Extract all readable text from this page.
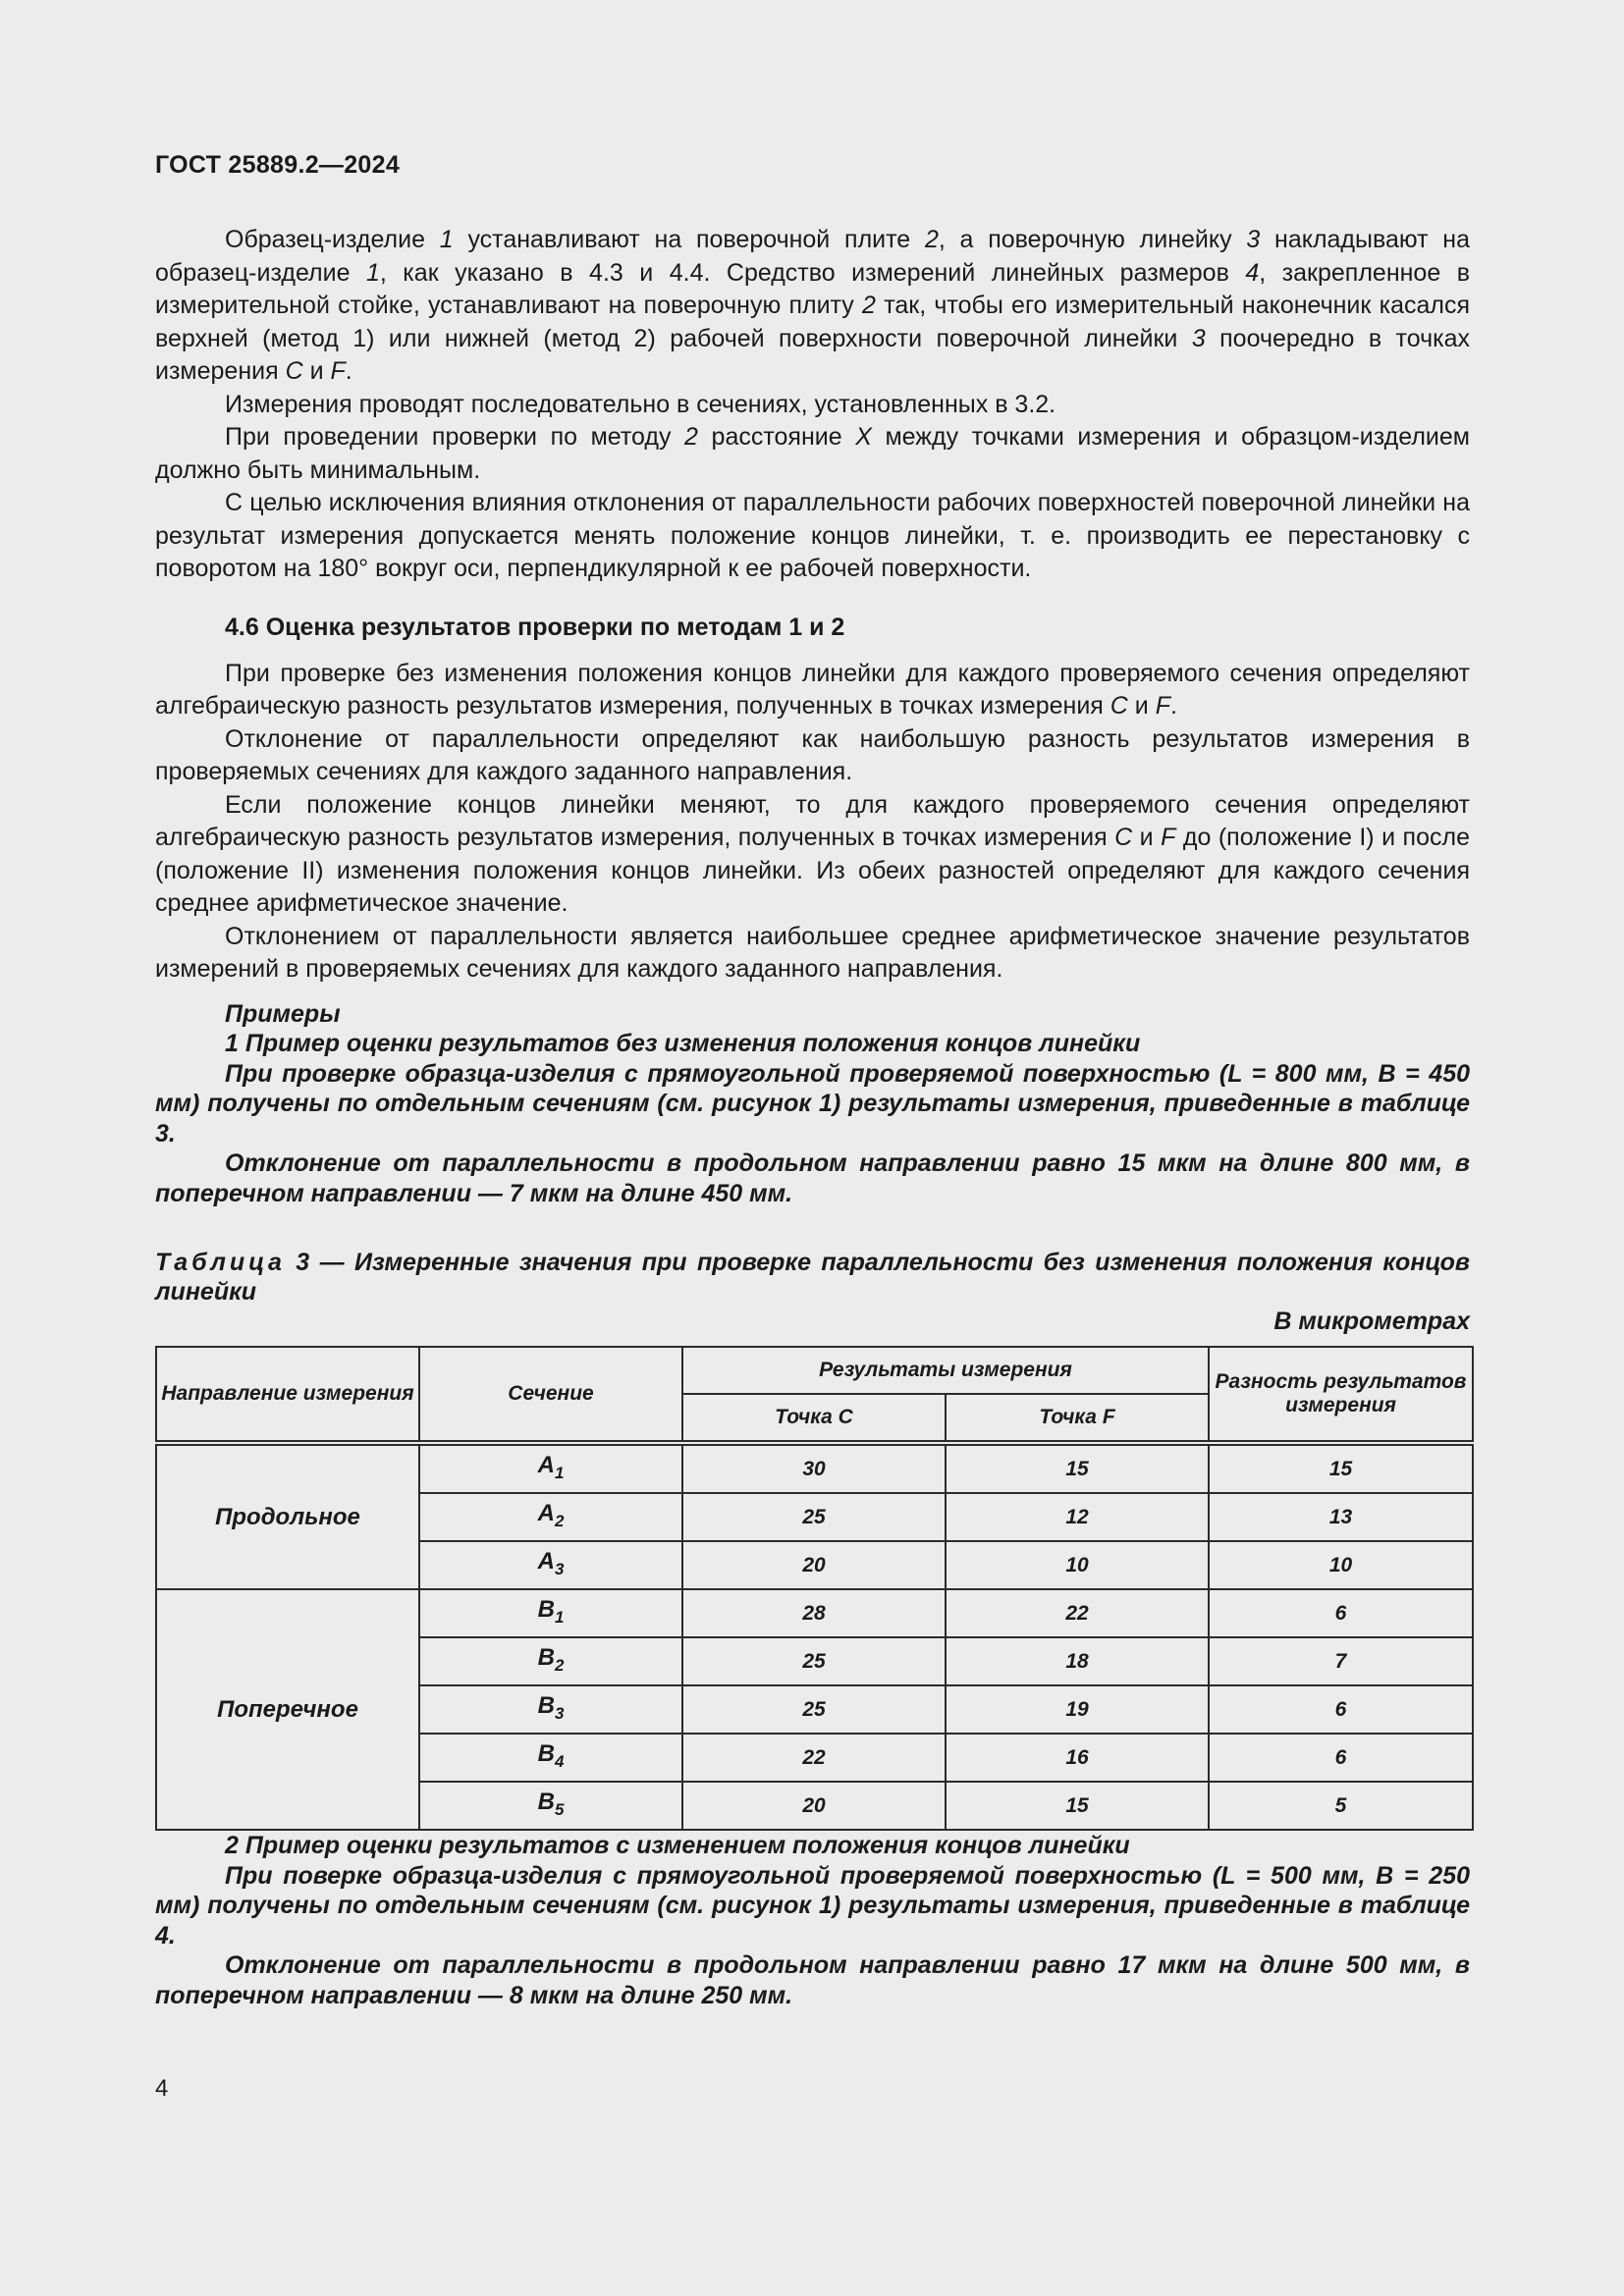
ГОСТ 25889.2—2024

Образец-изделие 1 устанавливают на поверочной плите 2, а поверочную линейку 3 накладывают на образец-изделие 1, как указано в 4.3 и 4.4. Средство измерений линейных размеров 4, закрепленное в измерительной стойке, устанавливают на поверочную плиту 2 так, чтобы его измерительный наконечник касался верхней (метод 1) или нижней (метод 2) рабочей поверхности поверочной линейки 3 поочередно в точках измерения C и F.

Измерения проводят последовательно в сечениях, установленных в 3.2.

При проведении проверки по методу 2 расстояние X между точками измерения и образцом-изделием должно быть минимальным.

С целью исключения влияния отклонения от параллельности рабочих поверхностей поверочной линейки на результат измерения допускается менять положение концов линейки, т. е. производить ее перестановку с поворотом на 180° вокруг оси, перпендикулярной к ее рабочей поверхности.

4.6 Оценка результатов проверки по методам 1 и 2

При проверке без изменения положения концов линейки для каждого проверяемого сечения определяют алгебраическую разность результатов измерения, полученных в точках измерения C и F.

Отклонение от параллельности определяют как наибольшую разность результатов измерения в проверяемых сечениях для каждого заданного направления.

Если положение концов линейки меняют, то для каждого проверяемого сечения определяют алгебраическую разность результатов измерения, полученных в точках измерения C и F до (положение I) и после (положение II) изменения положения концов линейки. Из обеих разностей определяют для каждого сечения среднее арифметическое значение.

Отклонением от параллельности является наибольшее среднее арифметическое значение результатов измерений в проверяемых сечениях для каждого заданного направления.

Примеры

1 Пример оценки результатов без изменения положения концов линейки

При проверке образца-изделия с прямоугольной проверяемой поверхностью (L = 800 мм, B = 450 мм) получены по отдельным сечениям (см. рисунок 1) результаты измерения, приведенные в таблице 3.

Отклонение от параллельности в продольном направлении равно 15 мкм на длине 800 мм, в поперечном направлении — 7 мкм на длине 450 мм.

Таблица 3 — Измеренные значения при проверке параллельности без изменения положения концов линейки
В микрометрах
Направление измерения	Сечение	Результаты измерения		Разность результатов измерения
		Точка C	Точка F	

Продольное	$A_1$	30	15	15
	$A_2$	25	12	13
	$A_3$	20	10	10
Поперечное	$B_1$	28	22	6
	$B_2$	25	18	7
	$B_3$	25	19	6
	$B_4$	22	16	6
	$B_5$	20	15	5

2 Пример оценки результатов с изменением положения концов линейки

При поверке образца-изделия с прямоугольной проверяемой поверхностью (L = 500 мм, B = 250 мм) получены по отдельным сечениям (см. рисунок 1) результаты измерения, приведенные в таблице 4.

Отклонение от параллельности в продольном направлении равно 17 мкм на длине 500 мм, в поперечном направлении — 8 мкм на длине 250 мм.

4
